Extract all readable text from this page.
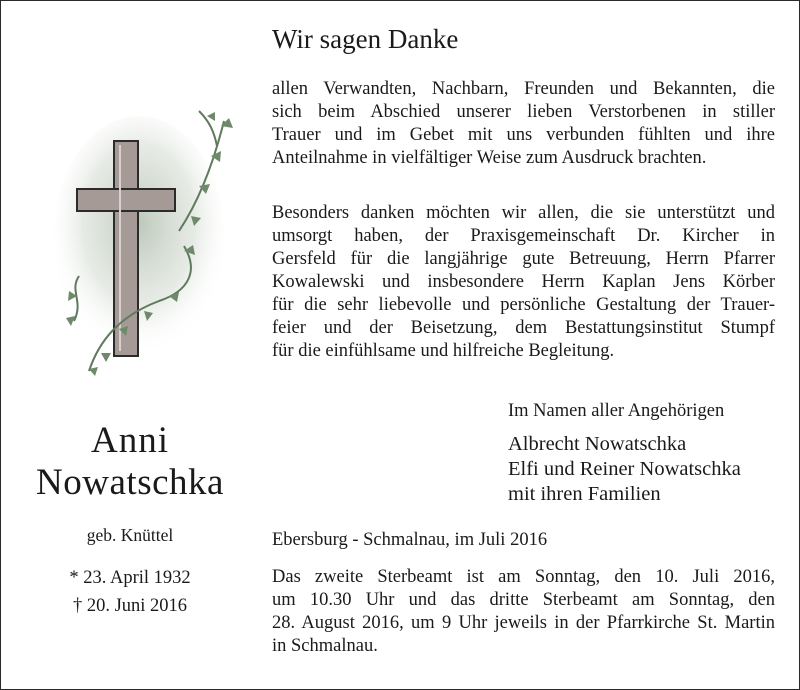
Wir sagen Danke
allen Verwandten, Nachbarn, Freunden und Bekannten, die
sich beim Abschied unserer lieben Verstorbenen in stiller
Trauer und im Gebet mit uns verbunden fühlten und ihre
Anteilnahme in vielfältiger Weise zum Ausdruck brachten.
Besonders danken möchten wir allen, die sie unterstützt und
umsorgt haben, der Praxisgemeinschaft Dr. Kircher in
Gersfeld für die langjährige gute Betreuung, Herrn Pfarrer
Kowalewski und insbesondere Herrn Kaplan Jens Körber
für die sehr liebevolle und persönliche Gestaltung der Trauer-
feier und der Beisetzung, dem Bestattungsinstitut Stumpf
für die einfühlsame und hilfreiche Begleitung.
Im Namen aller Angehörigen
Albrecht Nowatschka
Elfi und Reiner Nowatschka
mit ihren Familien
Ebersburg - Schmalnau, im Juli 2016
Das zweite Sterbeamt ist am Sonntag, den 10. Juli 2016,
um 10.30 Uhr und das dritte Sterbeamt am Sonntag, den
28. August 2016, um 9 Uhr jeweils in der Pfarrkirche St. Martin
in Schmalnau.
Anni
Nowatschka
geb. Knüttel
* 23. April 1932
† 20. Juni 2016
